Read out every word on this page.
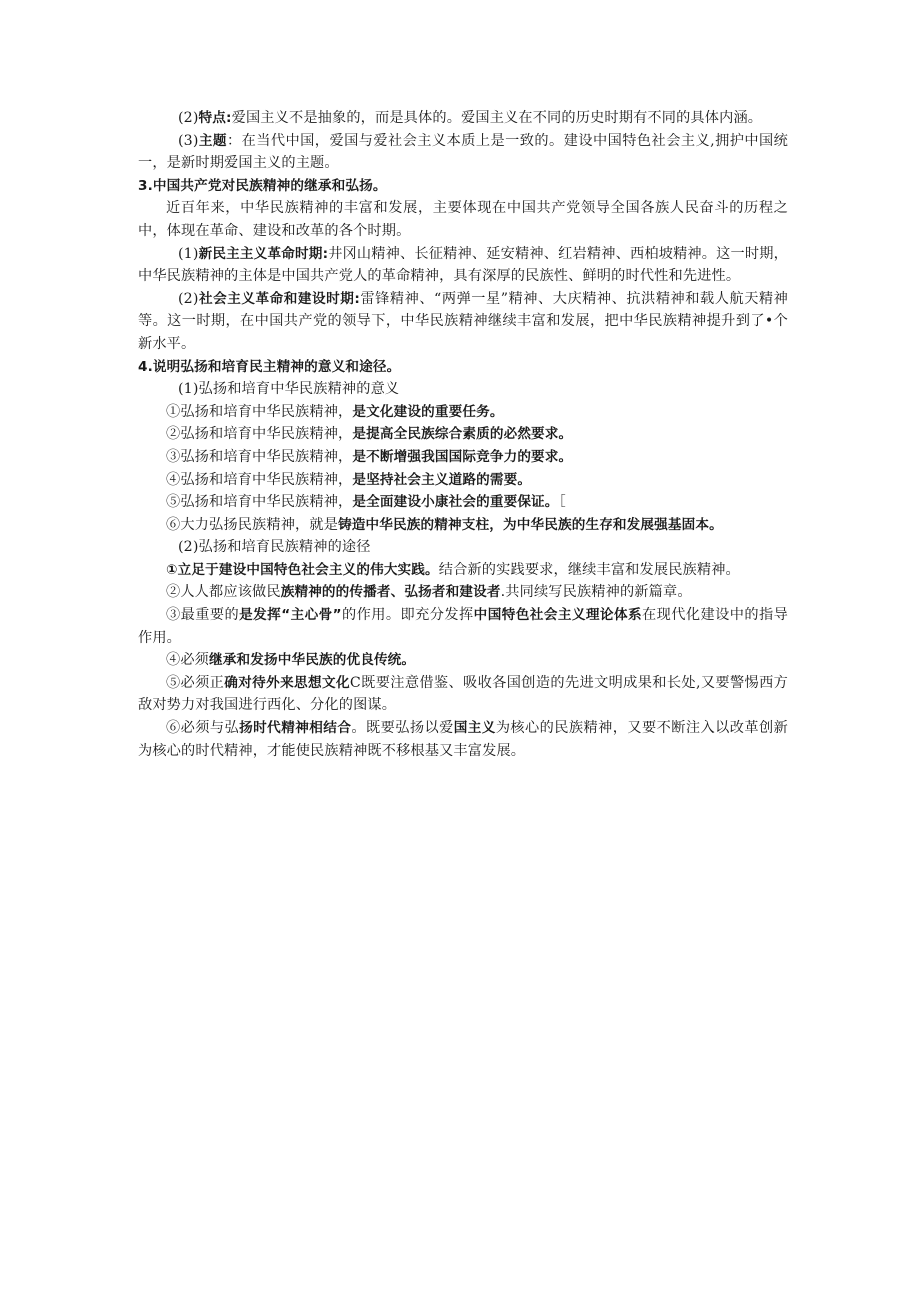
(2)特点:爱国主义不是抽象的，而是具体的。爱国主义在不同的历史时期有不同的具体内涵。

(3)主题：在当代中国，爱国与爱社会主义本质上是一致的。建设中国特色社会主义,拥护中国统一，是新时期爱国主义的主题。

3.中国共产党对民族精神的继承和弘扬。

近百年来，中华民族精神的丰富和发展，主要体现在中国共产党领导全国各族人民奋斗的历程之中，体现在革命、建设和改革的各个时期。

(1)新民主主义革命时期:井冈山精神、长征精神、延安精神、红岩精神、西柏坡精神。这一时期，中华民族精神的主体是中国共产党人的革命精神，具有深厚的民族性、鲜明的时代性和先进性。

(2)社会主义革命和建设时期:雷锋精神、“两弹一星”精神、大庆精神、抗洪精神和载人航天精神等。这一时期，在中国共产党的领导下，中华民族精神继续丰富和发展，把中华民族精神提升到了•个新水平。

4.说明弘扬和培育民主精神的意义和途径。

(1)弘扬和培育中华民族精神的意义

①弘扬和培育中华民族精神，是文化建设的重要任务。

②弘扬和培育中华民族精神，是提高全民族综合素质的必然要求。

③弘扬和培育中华民族精神，是不断增强我国国际竞争力的要求。

④弘扬和培育中华民族精神，是坚持社会主义道路的需要。

⑤弘扬和培育中华民族精神，是全面建设小康社会的重要保证。［

⑥大力弘扬民族精神，就是铸造中华民族的精神支柱，为中华民族的生存和发展强基固本。

(2)弘扬和培育民族精神的途径

①立足于建设中国特色社会主义的伟大实践。结合新的实践要求，继续丰富和发展民族精神。

②人人都应该做民族精神的的传播者、弘扬者和建设者.共同续写民族精神的新篇章。

③最重要的是发挥“主心骨”的作用。即充分发挥中国特色社会主义理论体系在现代化建设中的指导作用。

④必须继承和发扬中华民族的优良传统。

⑤必须正确对待外来思想文化C既要注意借鉴、吸收各国创造的先进文明成果和长处,又要警惕西方敌对势力对我国进行西化、分化的图谋。

⑥必须与弘扬时代精神相结合。既要弘扬以爱国主义为核心的民族精神，又要不断注入以改革创新为核心的时代精神，才能使民族精神既不移根基又丰富发展。
